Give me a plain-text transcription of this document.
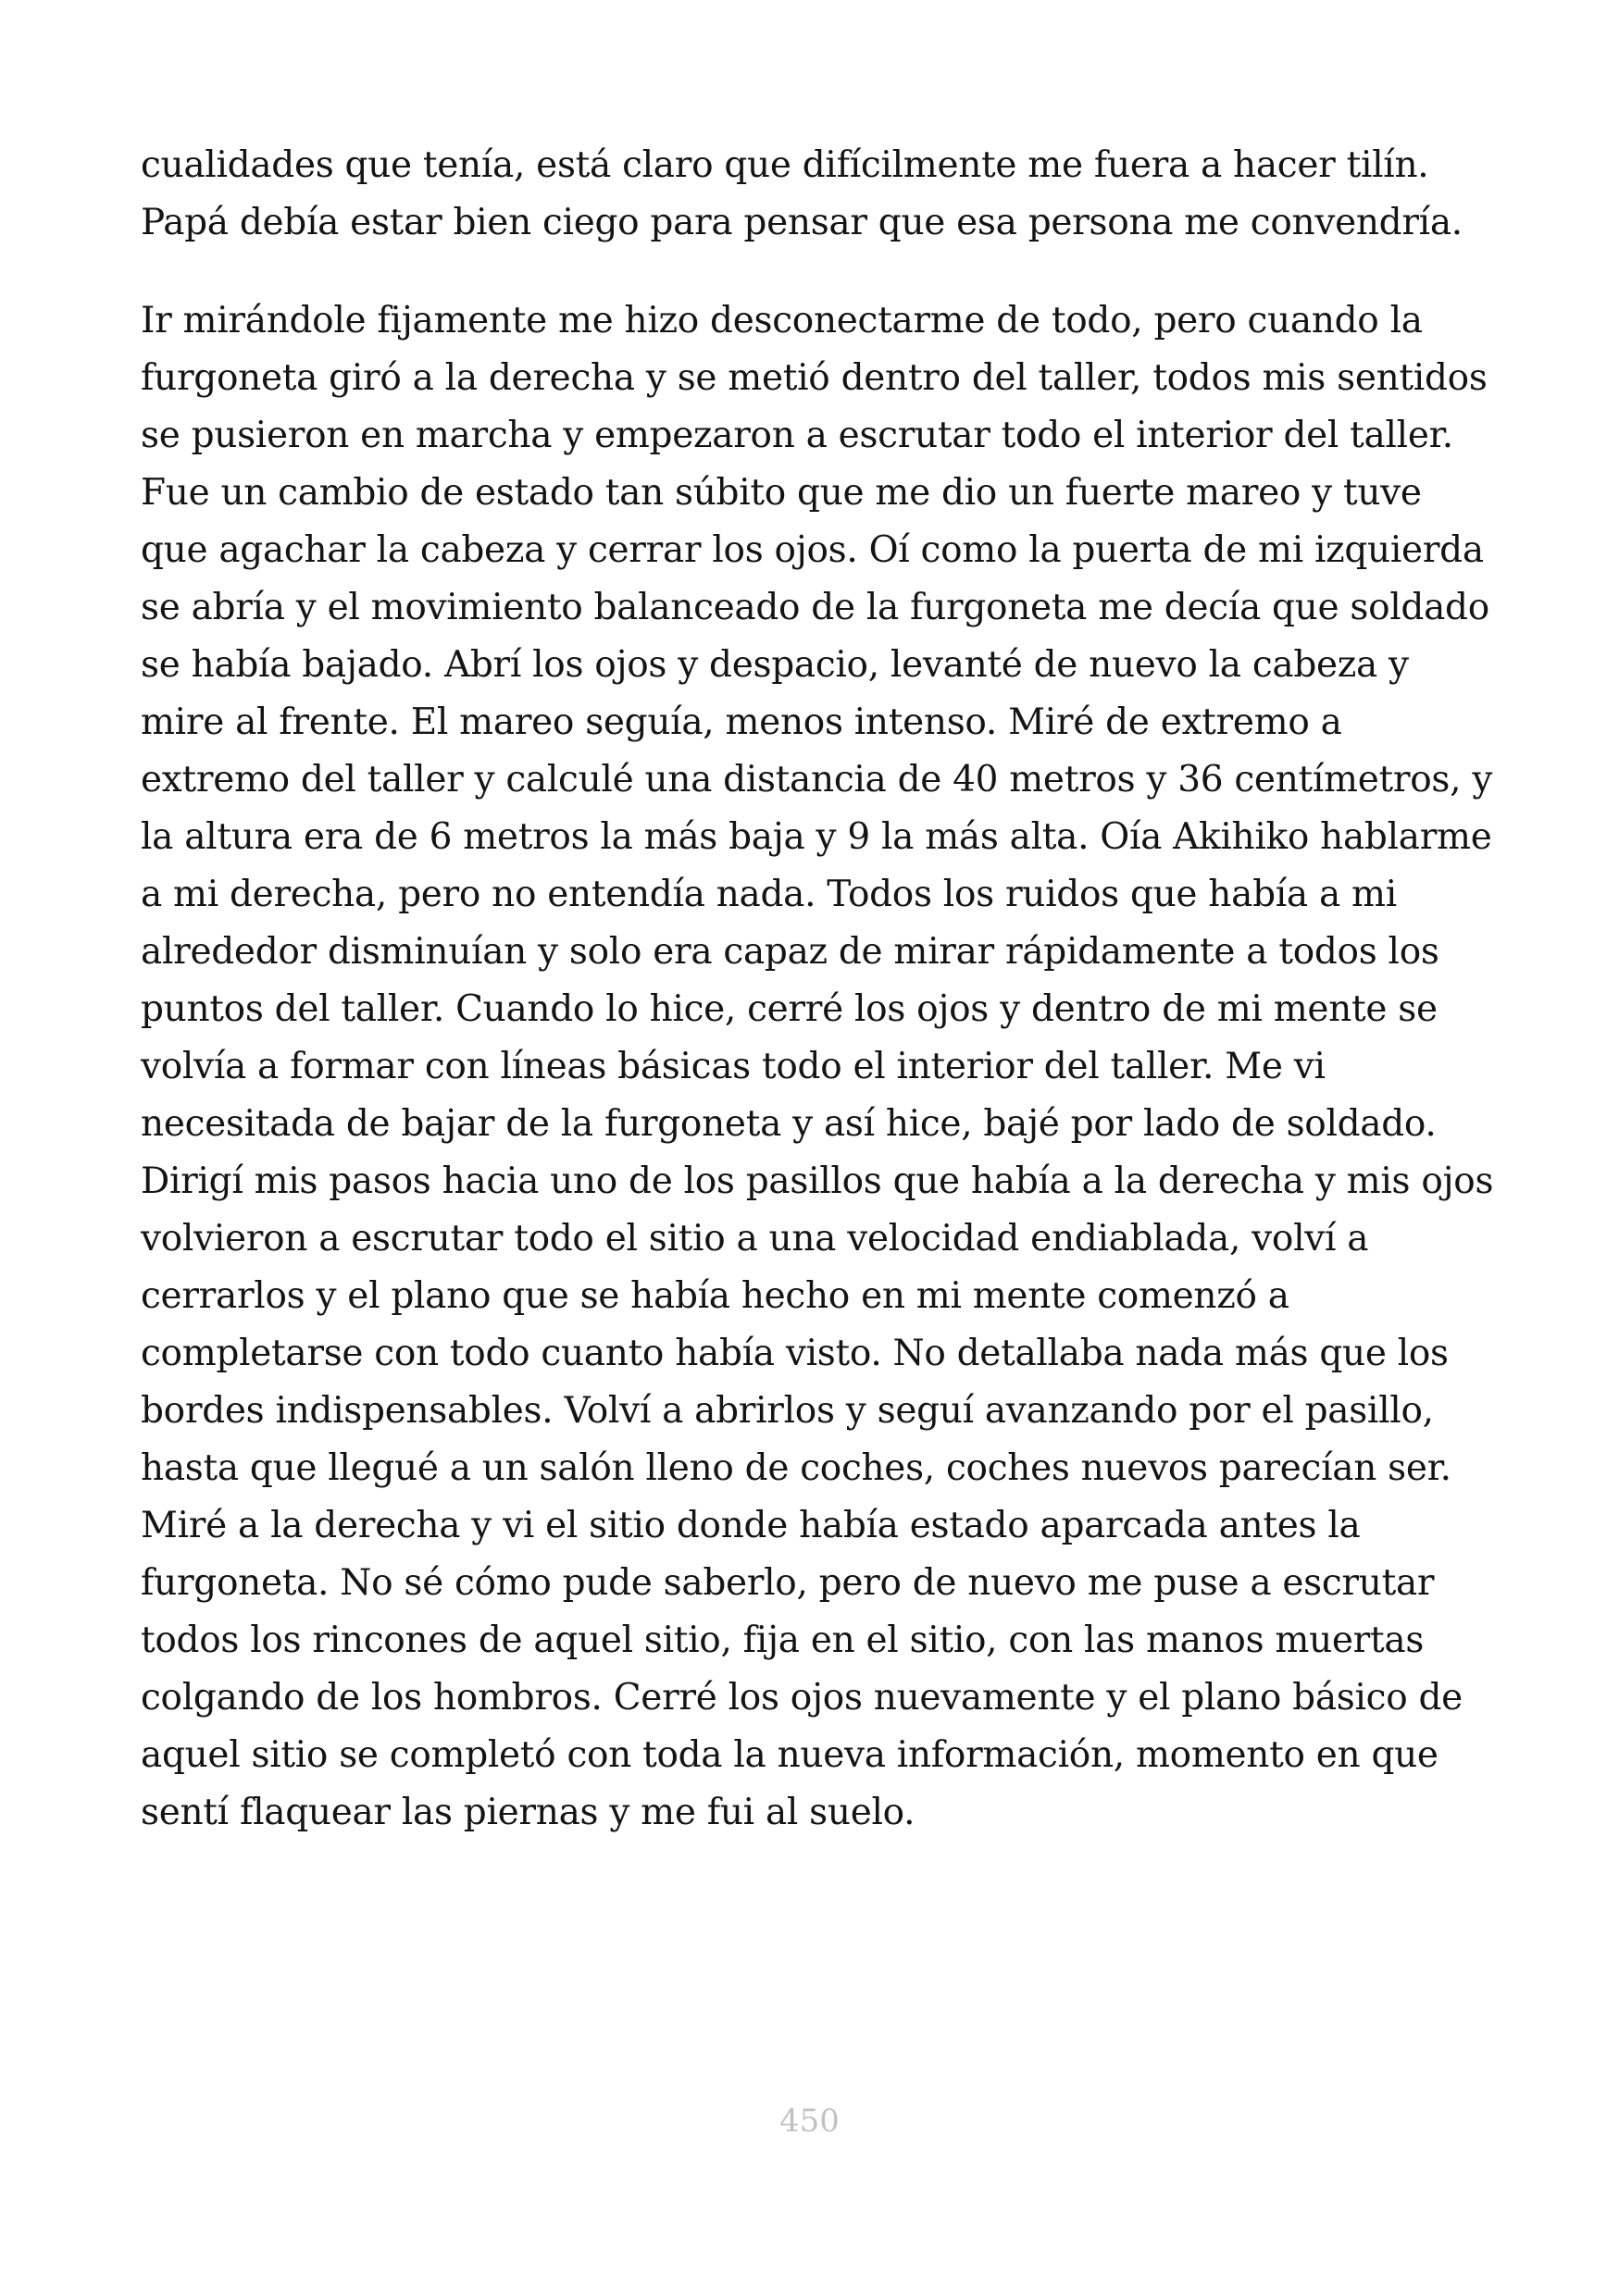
cualidades que tenía, está claro que difícilmente me fuera a hacer tilín.
Papá debía estar bien ciego para pensar que esa persona me convendría.
Ir mirándole fijamente me hizo desconectarme de todo, pero cuando la
furgoneta giró a la derecha y se metió dentro del taller, todos mis sentidos
se pusieron en marcha y empezaron a escrutar todo el interior del taller.
Fue un cambio de estado tan súbito que me dio un fuerte mareo y tuve
que agachar la cabeza y cerrar los ojos. Oí como la puerta de mi izquierda
se abría y el movimiento balanceado de la furgoneta me decía que soldado
se había bajado. Abrí los ojos y despacio, levanté de nuevo la cabeza y
mire al frente. El mareo seguía, menos intenso. Miré de extremo a
extremo del taller y calculé una distancia de 40 metros y 36 centímetros, y
la altura era de 6 metros la más baja y 9 la más alta. Oía Akihiko hablarme
a mi derecha, pero no entendía nada. Todos los ruidos que había a mi
alrededor disminuían y solo era capaz de mirar rápidamente a todos los
puntos del taller. Cuando lo hice, cerré los ojos y dentro de mi mente se
volvía a formar con líneas básicas todo el interior del taller. Me vi
necesitada de bajar de la furgoneta y así hice, bajé por lado de soldado.
Dirigí mis pasos hacia uno de los pasillos que había a la derecha y mis ojos
volvieron a escrutar todo el sitio a una velocidad endiablada, volví a
cerrarlos y el plano que se había hecho en mi mente comenzó a
completarse con todo cuanto había visto. No detallaba nada más que los
bordes indispensables. Volví a abrirlos y seguí avanzando por el pasillo,
hasta que llegué a un salón lleno de coches, coches nuevos parecían ser.
Miré a la derecha y vi el sitio donde había estado aparcada antes la
furgoneta. No sé cómo pude saberlo, pero de nuevo me puse a escrutar
todos los rincones de aquel sitio, fija en el sitio, con las manos muertas
colgando de los hombros. Cerré los ojos nuevamente y el plano básico de
aquel sitio se completó con toda la nueva información, momento en que
sentí flaquear las piernas y me fui al suelo.
450
